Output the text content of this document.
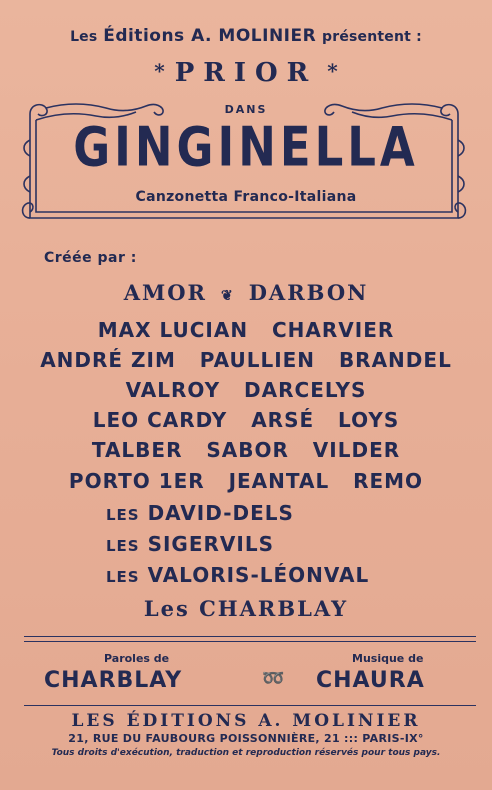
Les Éditions A. MOLINIER présentent :
* PRIOR *
DANS
GINGINELLA
Canzonetta Franco-Italiana
Créée par :
AMOR ❦ DARBON
MAX LUCIAN CHARVIER
ANDRÉ ZIM PAULLIEN BRANDEL
VALROY DARCELYS
LEO CARDY ARSÉ LOYS
TALBER SABOR VILDER
PORTO 1ER JEANTAL REMO
LES DAVID-DELS
LES SIGERVILS
LES VALORIS-LÉONVAL
Les CHARBLAY
Paroles de	Musique de
CHARBLAY	➿ CHAURA
LES ÉDITIONS A. MOLINIER
21, RUE DU FAUBOURG POISSONNIÈRE, 21 ::: PARIS-IX°
Tous droits d'exécution, traduction et reproduction réservés pour tous pays.
